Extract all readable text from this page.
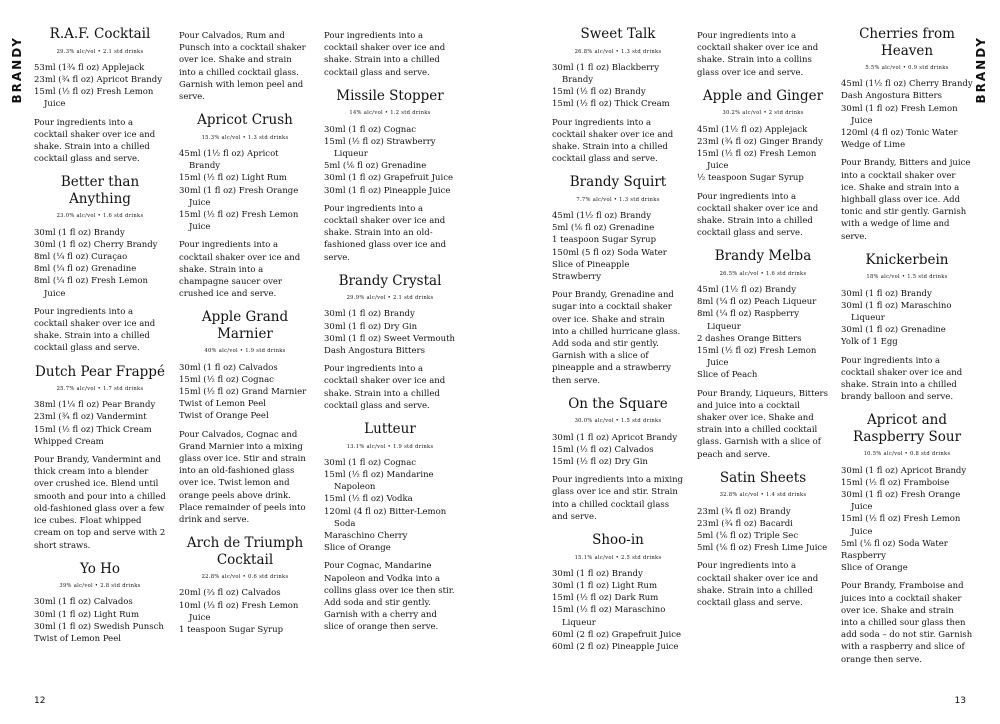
BRANDY
12
BRANDY
13
R.A.F. Cocktail
29.3% alc/vol • 2.1 std drinks
53ml (1¾ fl oz) Applejack
23ml (¾ fl oz) Apricot Brandy
15ml (½ fl oz) Fresh Lemon Juice
Pour ingredients into a cocktail shaker over ice and shake. Strain into a chilled cocktail glass and serve.
Better than Anything
23.0% alc/vol • 1.6 std drinks
30ml (1 fl oz) Brandy
30ml (1 fl oz) Cherry Brandy
8ml (¼ fl oz) Curaçao
8ml (¼ fl oz) Grenadine
8ml (¼ fl oz) Fresh Lemon Juice
Pour ingredients into a cocktail shaker over ice and shake. Strain into a chilled cocktail glass and serve.
Dutch Pear Frappé
25.7% alc/vol • 1.7 std drinks
38ml (1¼ fl oz) Pear Brandy
23ml (¾ fl oz) Vandermint
15ml (½ fl oz) Thick Cream
Whipped Cream
Pour Brandy, Vandermint and thick cream into a blender over crushed ice. Blend until smooth and pour into a chilled old-fashioned glass over a few ice cubes. Float whipped cream on top and serve with 2 short straws.
Yo Ho
39% alc/vol • 2.8 std drinks
30ml (1 fl oz) Calvados
30ml (1 fl oz) Light Rum
30ml (1 fl oz) Swedish Punsch
Twist of Lemon Peel
Pour Calvados, Rum and Punsch into a cocktail shaker over ice. Shake and strain into a chilled cocktail glass. Garnish with lemon peel and serve.
Apricot Crush
15.3% alc/vol • 1.3 std drinks
45ml (1½ fl oz) Apricot Brandy
15ml (½ fl oz) Light Rum
30ml (1 fl oz) Fresh Orange Juice
15ml (½ fl oz) Fresh Lemon Juice
Pour ingredients into a cocktail shaker over ice and shake. Strain into a champagne saucer over crushed ice and serve.
Apple Grand Marnier
40% alc/vol • 1.9 std drinks
30ml (1 fl oz) Calvados
15ml (½ fl oz) Cognac
15ml (½ fl oz) Grand Marnier
Twist of Lemon Peel
Twist of Orange Peel
Pour Calvados, Cognac and Grand Marnier into a mixing glass over ice. Stir and strain into an old-fashioned glass over ice. Twist lemon and orange peels above drink. Place remainder of peels into drink and serve.
Arch de Triumph Cocktail
22.8% alc/vol • 0.6 std drinks
20ml (⅔ fl oz) Calvados
10ml (⅓ fl oz) Fresh Lemon Juice
1 teaspoon Sugar Syrup
Pour ingredients into a cocktail shaker over ice and shake. Strain into a chilled cocktail glass and serve.
Missile Stopper
14% alc/vol • 1.2 std drinks
30ml (1 fl oz) Cognac
15ml (½ fl oz) Strawberry Liqueur
5ml (⅙ fl oz) Grenadine
30ml (1 fl oz) Grapefruit Juice
30ml (1 fl oz) Pineapple Juice
Pour ingredients into a cocktail shaker over ice and shake. Strain into an old-fashioned glass over ice and serve.
Brandy Crystal
29.9% alc/vol • 2.1 std drinks
30ml (1 fl oz) Brandy
30ml (1 fl oz) Dry Gin
30ml (1 fl oz) Sweet Vermouth
Dash Angostura Bitters
Pour ingredients into a cocktail shaker over ice and shake. Strain into a chilled cocktail glass and serve.
Lutteur
13.1% alc/vol • 1.9 std drinks
30ml (1 fl oz) Cognac
15ml (½ fl oz) Mandarine Napoleon
15ml (½ fl oz) Vodka
120ml (4 fl oz) Bitter-Lemon Soda
Maraschino Cherry
Slice of Orange
Pour Cognac, Mandarine Napoleon and Vodka into a collins glass over ice then stir. Add soda and stir gently. Garnish with a cherry and slice of orange then serve.
Sweet Talk
26.8% alc/vol • 1.3 std drinks
30ml (1 fl oz) Blackberry Brandy
15ml (½ fl oz) Brandy
15ml (½ fl oz) Thick Cream
Pour ingredients into a cocktail shaker over ice and shake. Strain into a chilled cocktail glass and serve.
Brandy Squirt
7.7% alc/vol • 1.3 std drinks
45ml (1½ fl oz) Brandy
5ml (⅙ fl oz) Grenadine
1 teaspoon Sugar Syrup
150ml (5 fl oz) Soda Water
Slice of Pineapple
Strawberry
Pour Brandy, Grenadine and sugar into a cocktail shaker over ice. Shake and strain into a chilled hurricane glass. Add soda and stir gently. Garnish with a slice of pineapple and a strawberry then serve.
On the Square
30.0% alc/vol • 1.5 std drinks
30ml (1 fl oz) Apricot Brandy
15ml (½ fl oz) Calvados
15ml (½ fl oz) Dry Gin
Pour ingredients into a mixing glass over ice and stir. Strain into a chilled cocktail glass and serve.
Shoo-in
15.1% alc/vol • 2.5 std drinks
30ml (1 fl oz) Brandy
30ml (1 fl oz) Light Rum
15ml (½ fl oz) Dark Rum
15ml (½ fl oz) Maraschino Liqueur
60ml (2 fl oz) Grapefruit Juice
60ml (2 fl oz) Pineapple Juice
Pour ingredients into a cocktail shaker over ice and shake. Strain into a collins glass over ice and serve.
Apple and Ginger
30.2% alc/vol • 2 std drinks
45ml (1½ fl oz) Applejack
23ml (¾ fl oz) Ginger Brandy
15ml (½ fl oz) Fresh Lemon Juice
½ teaspoon Sugar Syrup
Pour ingredients into a cocktail shaker over ice and shake. Strain into a chilled cocktail glass and serve.
Brandy Melba
26.5% alc/vol • 1.6 std drinks
45ml (1½ fl oz) Brandy
8ml (¼ fl oz) Peach Liqueur
8ml (¼ fl oz) Raspberry Liqueur
2 dashes Orange Bitters
15ml (½ fl oz) Fresh Lemon Juice
Slice of Peach
Pour Brandy, Liqueurs, Bitters and juice into a cocktail shaker over ice. Shake and strain into a chilled cocktail glass. Garnish with a slice of peach and serve.
Satin Sheets
32.8% alc/vol • 1.4 std drinks
23ml (¾ fl oz) Brandy
23ml (¾ fl oz) Bacardi
5ml (⅙ fl oz) Triple Sec
5ml (⅙ fl oz) Fresh Lime Juice
Pour ingredients into a cocktail shaker over ice and shake. Strain into a chilled cocktail glass and serve.
Cherries from Heaven
5.5% alc/vol • 0.9 std drinks
45ml (1½ fl oz) Cherry Brandy
Dash Angostura Bitters
30ml (1 fl oz) Fresh Lemon Juice
120ml (4 fl oz) Tonic Water
Wedge of Lime
Pour Brandy, Bitters and juice into a cocktail shaker over ice. Shake and strain into a highball glass over ice. Add tonic and stir gently. Garnish with a wedge of lime and serve.
Knickerbein
18% alc/vol • 1.5 std drinks
30ml (1 fl oz) Brandy
30ml (1 fl oz) Maraschino Liqueur
30ml (1 fl oz) Grenadine
Yolk of 1 Egg
Pour ingredients into a cocktail shaker over ice and shake. Strain into a chilled brandy balloon and serve.
Apricot and Raspberry Sour
10.5% alc/vol • 0.8 std drinks
30ml (1 fl oz) Apricot Brandy
15ml (½ fl oz) Framboise
30ml (1 fl oz) Fresh Orange Juice
15ml (½ fl oz) Fresh Lemon Juice
5ml (⅙ fl oz) Soda Water
Raspberry
Slice of Orange
Pour Brandy, Framboise and juices into a cocktail shaker over ice. Shake and strain into a chilled sour glass then add soda – do not stir. Garnish with a raspberry and slice of orange then serve.
